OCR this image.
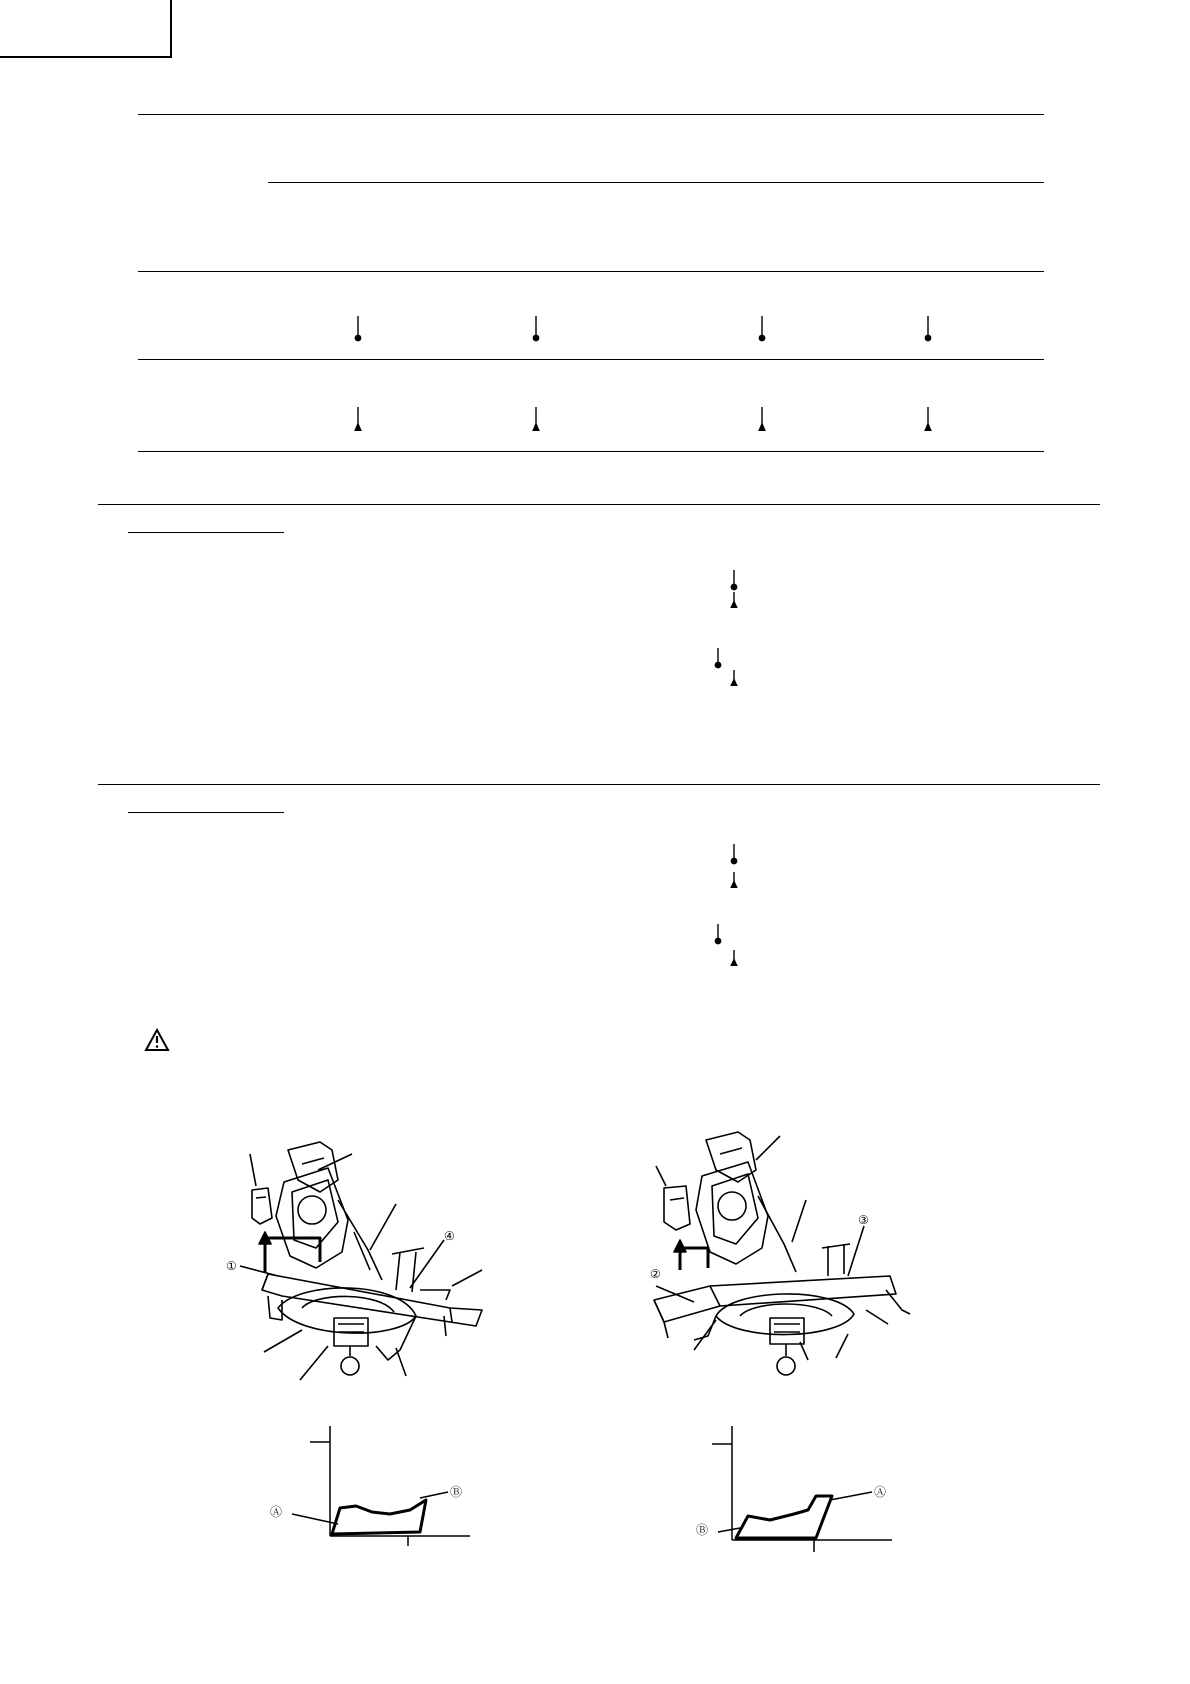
①
④
②
③
Ⓐ
Ⓑ
Ⓑ
Ⓐ
